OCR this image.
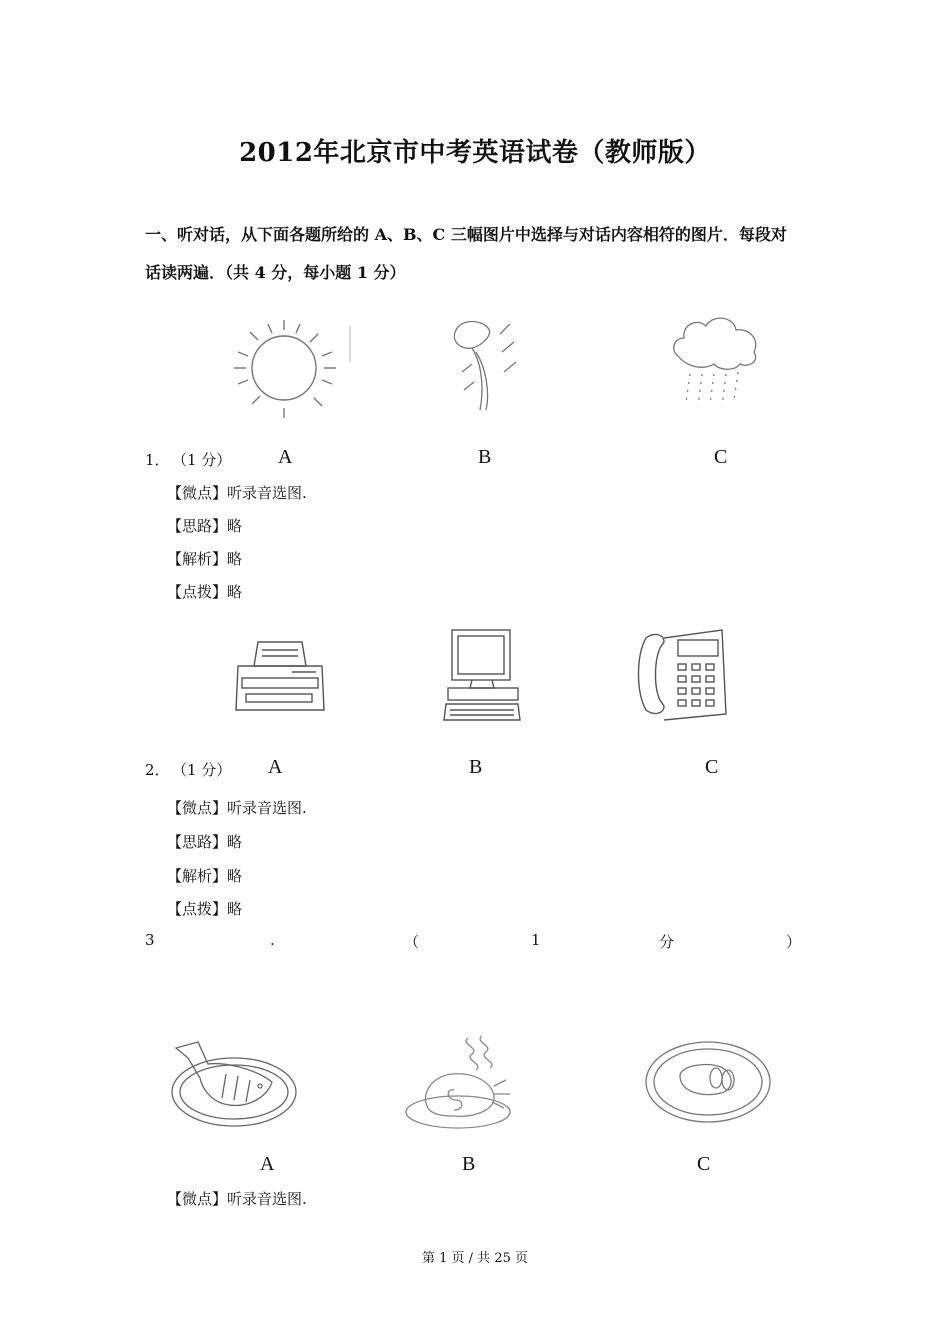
2012年北京市中考英语试卷（教师版）
一、听对话，从下面各题所给的 A、B、C 三幅图片中选择与对话内容相符的图片．每段对
话读两遍．（共 4 分，每小题 1 分）
1． （1 分） A	B	C
【微点】听录音选图.
【思路】略
【解析】略
【点拨】略
2． （1 分） A	B	C
【微点】听录音选图.
【思路】略
【解析】略
【点拨】略
3	.	（	1	分	）
A	B	C
【微点】听录音选图.
第 1 页 / 共 25 页
